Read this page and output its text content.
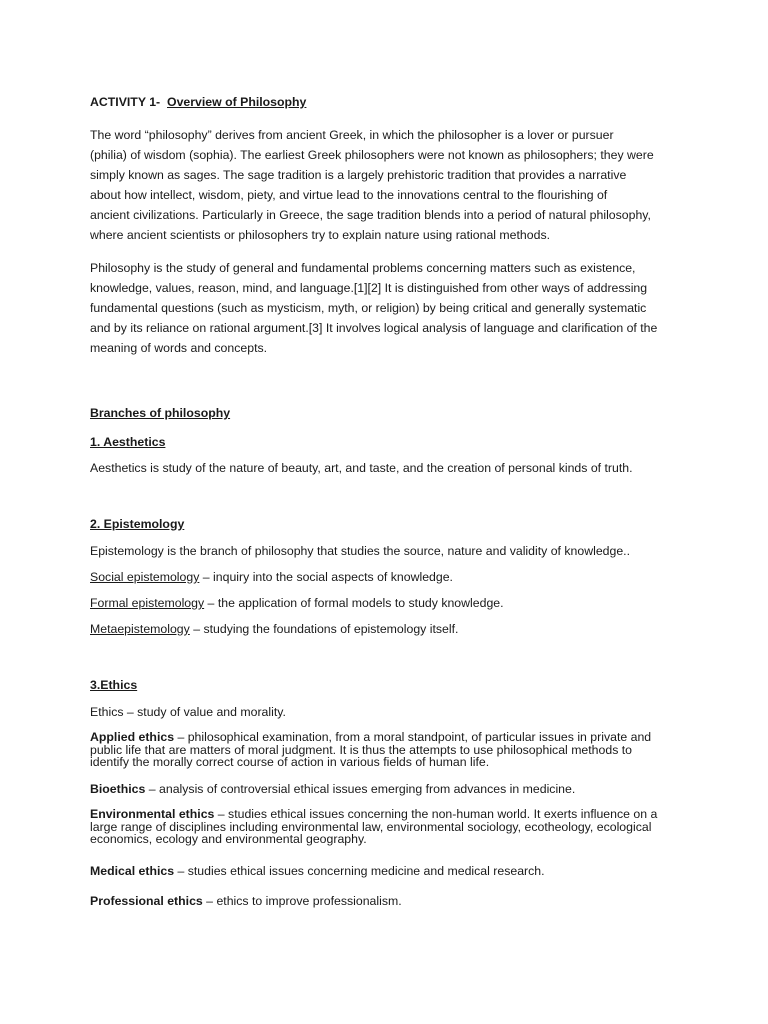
ACTIVITY 1- Overview of Philosophy
The word “philosophy” derives from ancient Greek, in which the philosopher is a lover or pursuer
(philia) of wisdom (sophia). The earliest Greek philosophers were not known as philosophers; they were
simply known as sages. The sage tradition is a largely prehistoric tradition that provides a narrative
about how intellect, wisdom, piety, and virtue lead to the innovations central to the flourishing of
ancient civilizations. Particularly in Greece, the sage tradition blends into a period of natural philosophy,
where ancient scientists or philosophers try to explain nature using rational methods.
Philosophy is the study of general and fundamental problems concerning matters such as existence,
knowledge, values, reason, mind, and language.[1][2] It is distinguished from other ways of addressing
fundamental questions (such as mysticism, myth, or religion) by being critical and generally systematic
and by its reliance on rational argument.[3] It involves logical analysis of language and clarification of the
meaning of words and concepts.
Branches of philosophy
1. Aesthetics
Aesthetics is study of the nature of beauty, art, and taste, and the creation of personal kinds of truth.
2. Epistemology
Epistemology is the branch of philosophy that studies the source, nature and validity of knowledge..
Social epistemology – inquiry into the social aspects of knowledge.
Formal epistemology – the application of formal models to study knowledge.
Metaepistemology – studying the foundations of epistemology itself.
3.Ethics
Ethics – study of value and morality.
Applied ethics – philosophical examination, from a moral standpoint, of particular issues in private and
public life that are matters of moral judgment. It is thus the attempts to use philosophical methods to
identify the morally correct course of action in various fields of human life.
Bioethics – analysis of controversial ethical issues emerging from advances in medicine.
Environmental ethics – studies ethical issues concerning the non-human world. It exerts influence on a
large range of disciplines including environmental law, environmental sociology, ecotheology, ecological
economics, ecology and environmental geography.
Medical ethics – studies ethical issues concerning medicine and medical research.
Professional ethics – ethics to improve professionalism.
